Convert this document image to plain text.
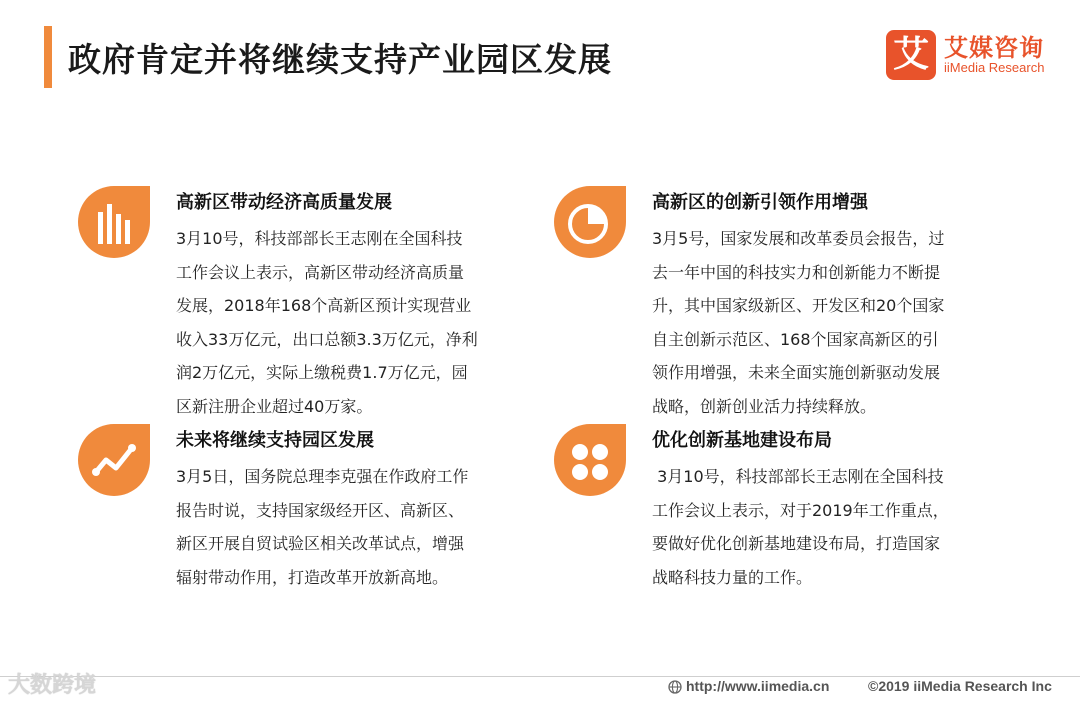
政府肯定并将继续支持产业园区发展	艾 艾媒咨询
iiMedia Research
高新区带动经济高质量发展
3月10号，科技部部长王志刚在全国科技
工作会议上表示，高新区带动经济高质量
发展，2018年168个高新区预计实现营业
收入33万亿元，出口总额3.3万亿元，净利
润2万亿元，实际上缴税费1.7万亿元，园
区新注册企业超过40万家。
高新区的创新引领作用增强
3月5号，国家发展和改革委员会报告，过
去一年中国的科技实力和创新能力不断提
升，其中国家级新区、开发区和20个国家
自主创新示范区、168个国家高新区的引
领作用增强，未来全面实施创新驱动发展
战略，创新创业活力持续释放。
未来将继续支持园区发展
3月5日，国务院总理李克强在作政府工作
报告时说，支持国家级经开区、高新区、
新区开展自贸试验区相关改革试点，增强
辐射带动作用，打造改革开放新高地。
优化创新基地建设布局
3月10号，科技部部长王志刚在全国科技
工作会议上表示，对于2019年工作重点，
要做好优化创新基地建设布局，打造国家
战略科技力量的工作。
大数跨境	http://www.iimedia.cn	©2019 iiMedia Research Inc
